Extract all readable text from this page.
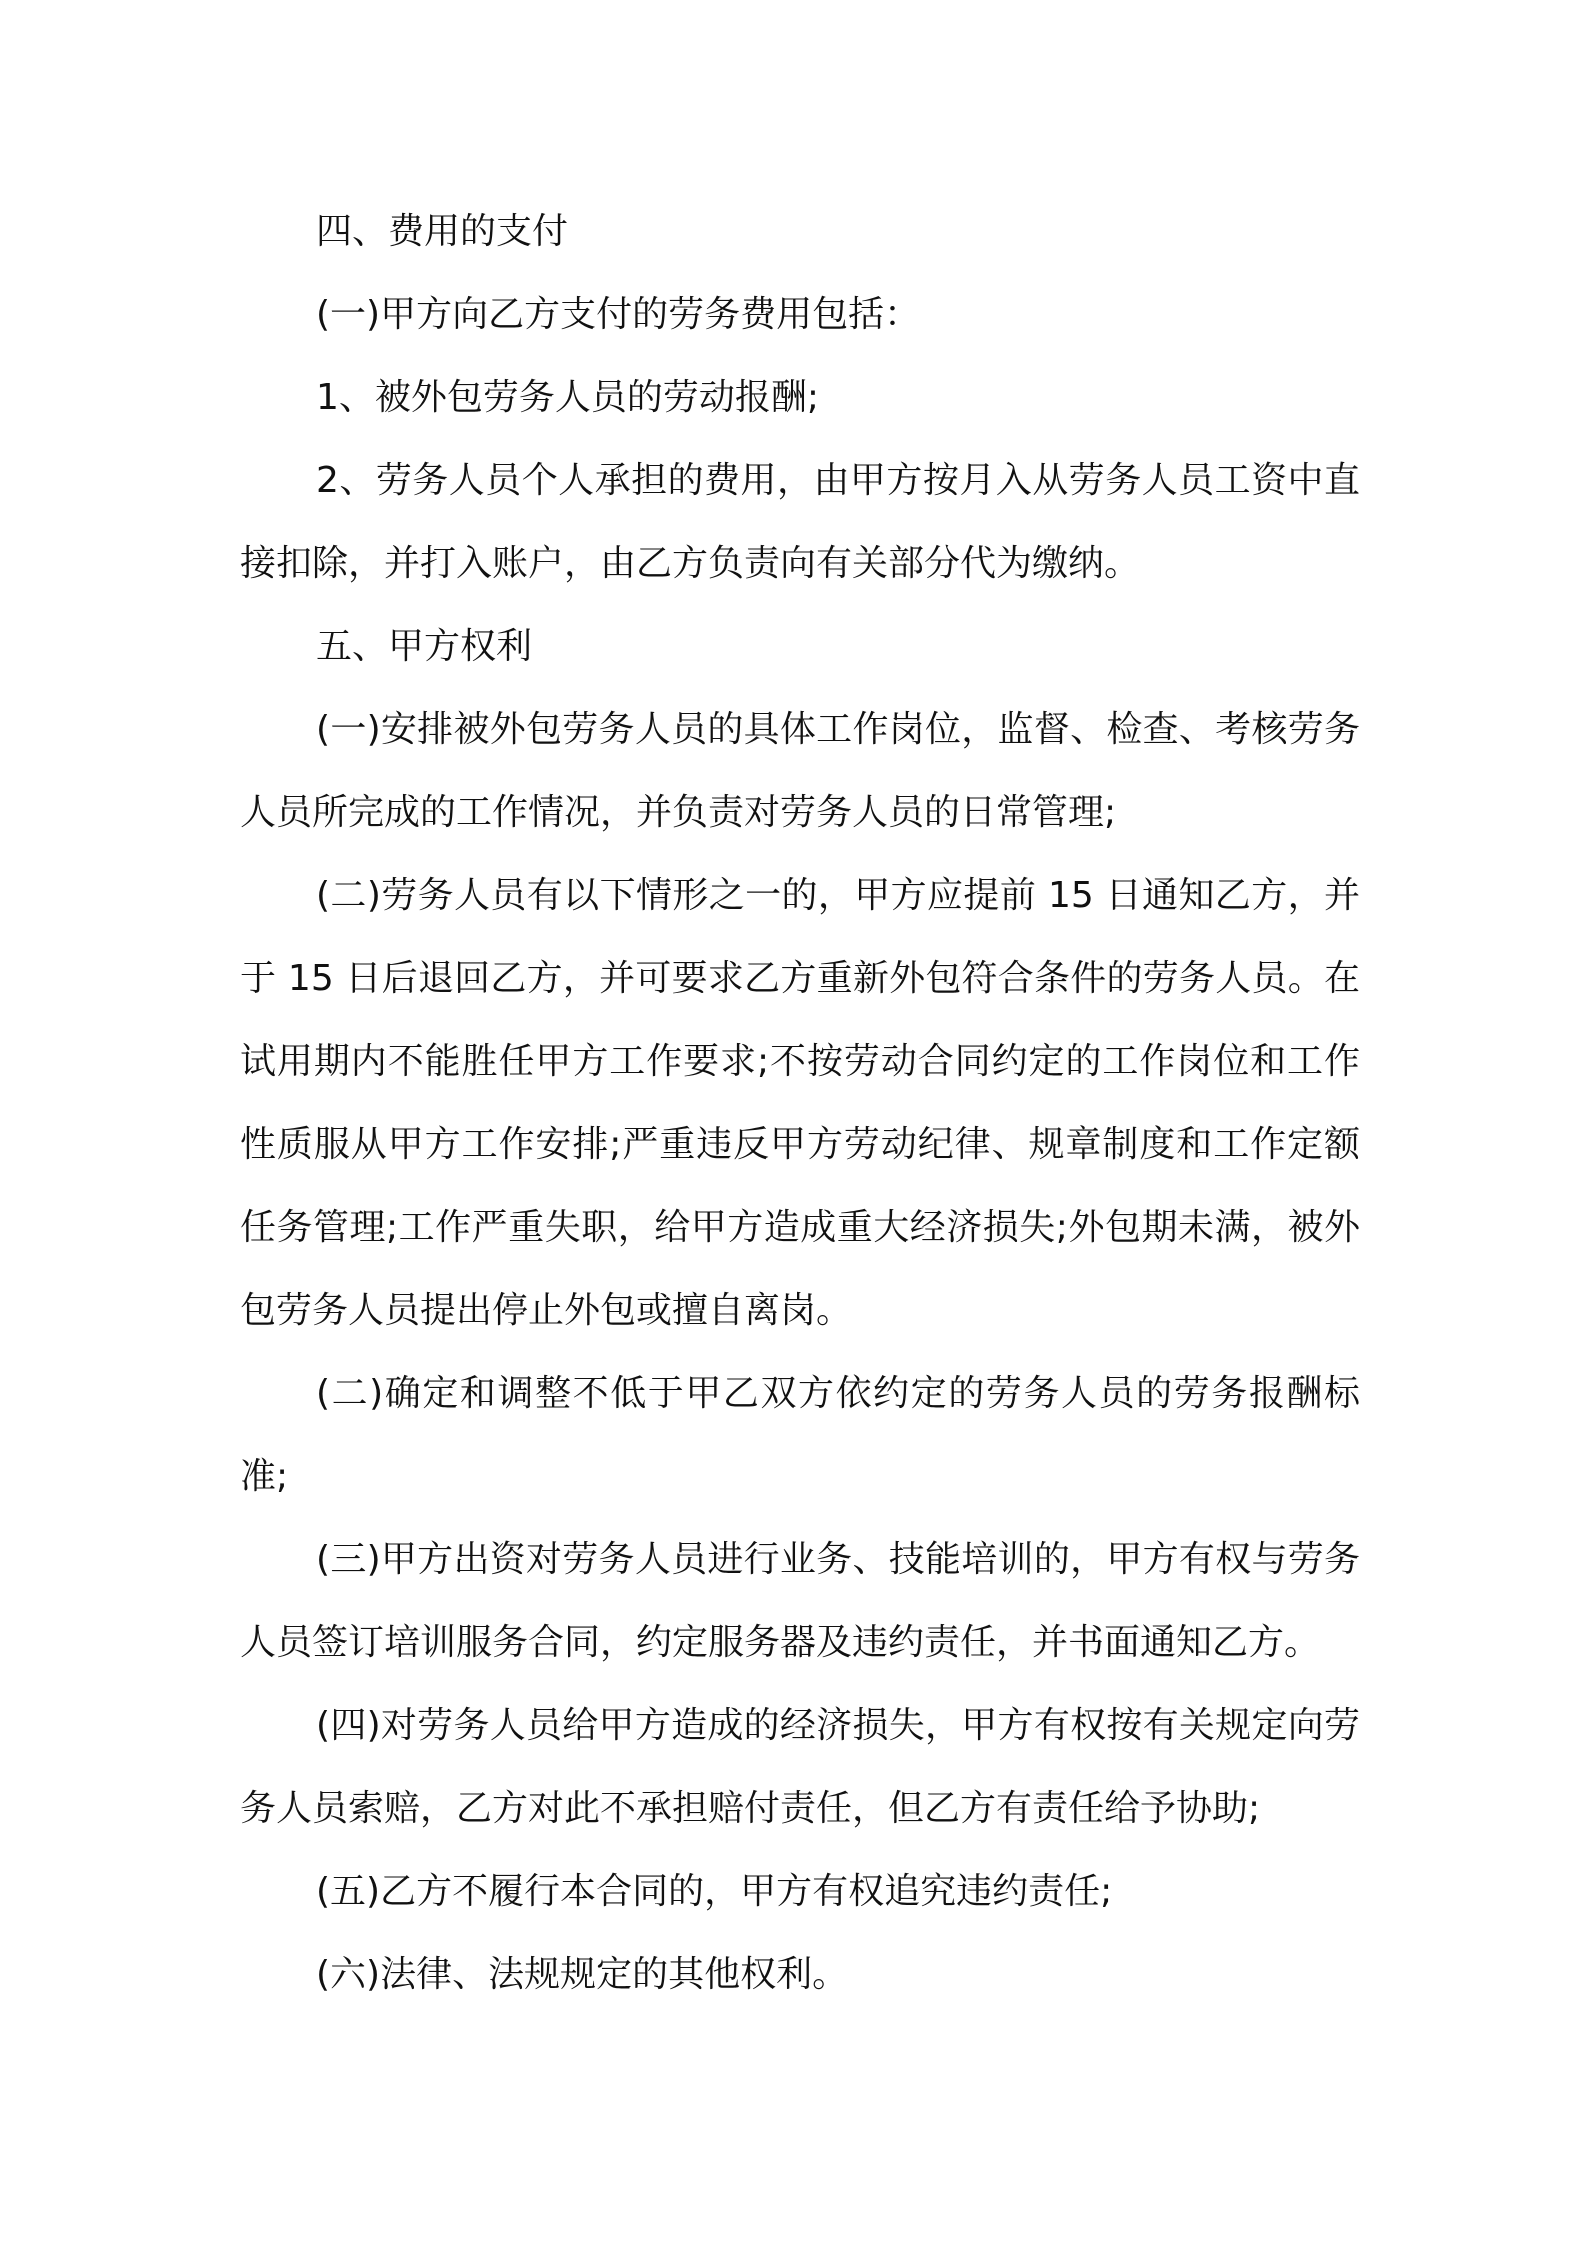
四、费用的支付

(一)甲方向乙方支付的劳务费用包括：

1、被外包劳务人员的劳动报酬;

2、劳务人员个人承担的费用，由甲方按月入从劳务人员工资中直接扣除，并打入账户，由乙方负责向有关部分代为缴纳。

五、甲方权利

(一)安排被外包劳务人员的具体工作岗位，监督、检查、考核劳务人员所完成的工作情况，并负责对劳务人员的日常管理;

(二)劳务人员有以下情形之一的，甲方应提前 15 日通知乙方，并于 15 日后退回乙方，并可要求乙方重新外包符合条件的劳务人员。在试用期内不能胜任甲方工作要求;不按劳动合同约定的工作岗位和工作性质服从甲方工作安排;严重违反甲方劳动纪律、规章制度和工作定额任务管理;工作严重失职，给甲方造成重大经济损失;外包期未满，被外包劳务人员提出停止外包或擅自离岗。

(二)确定和调整不低于甲乙双方依约定的劳务人员的劳务报酬标准;

(三)甲方出资对劳务人员进行业务、技能培训的，甲方有权与劳务人员签订培训服务合同，约定服务器及违约责任，并书面通知乙方。

(四)对劳务人员给甲方造成的经济损失，甲方有权按有关规定向劳务人员索赔，乙方对此不承担赔付责任，但乙方有责任给予协助;

(五)乙方不履行本合同的，甲方有权追究违约责任;

(六)法律、法规规定的其他权利。
